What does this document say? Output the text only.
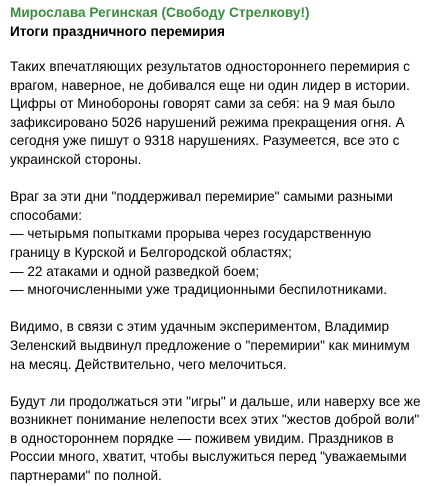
Мирослава Регинская (Свободу Стрелкову!)
Итоги праздничного перемирия

Таких впечатляющих результатов одностороннего перемирия с
врагом, наверное, не добивался еще ни один лидер в истории.
Цифры от Минобороны говорят сами за себя: на 9 мая было
зафиксировано 5026 нарушений режима прекращения огня. А
сегодня уже пишут о 9318 нарушениях. Разумеется, все это с
украинской стороны.

Враг за эти дни "поддерживал перемирие" самыми разными
способами:
— четырьмя попытками прорыва через государственную
границу в Курской и Белгородской областях;
— 22 атаками и одной разведкой боем;
— многочисленными уже традиционными беспилотниками.

Видимо, в связи с этим удачным экспериментом, Владимир
Зеленский выдвинул предложение о "перемирии" как минимум
на месяц. Действительно, чего мелочиться.

Будут ли продолжаться эти "игры" и дальше, или наверху все же
возникнет понимание нелепости всех этих "жестов доброй воли"
в одностороннем порядке — поживем увидим. Праздников в
России много, хватит, чтобы выслужиться перед "уважаемыми
партнерами" по полной.
